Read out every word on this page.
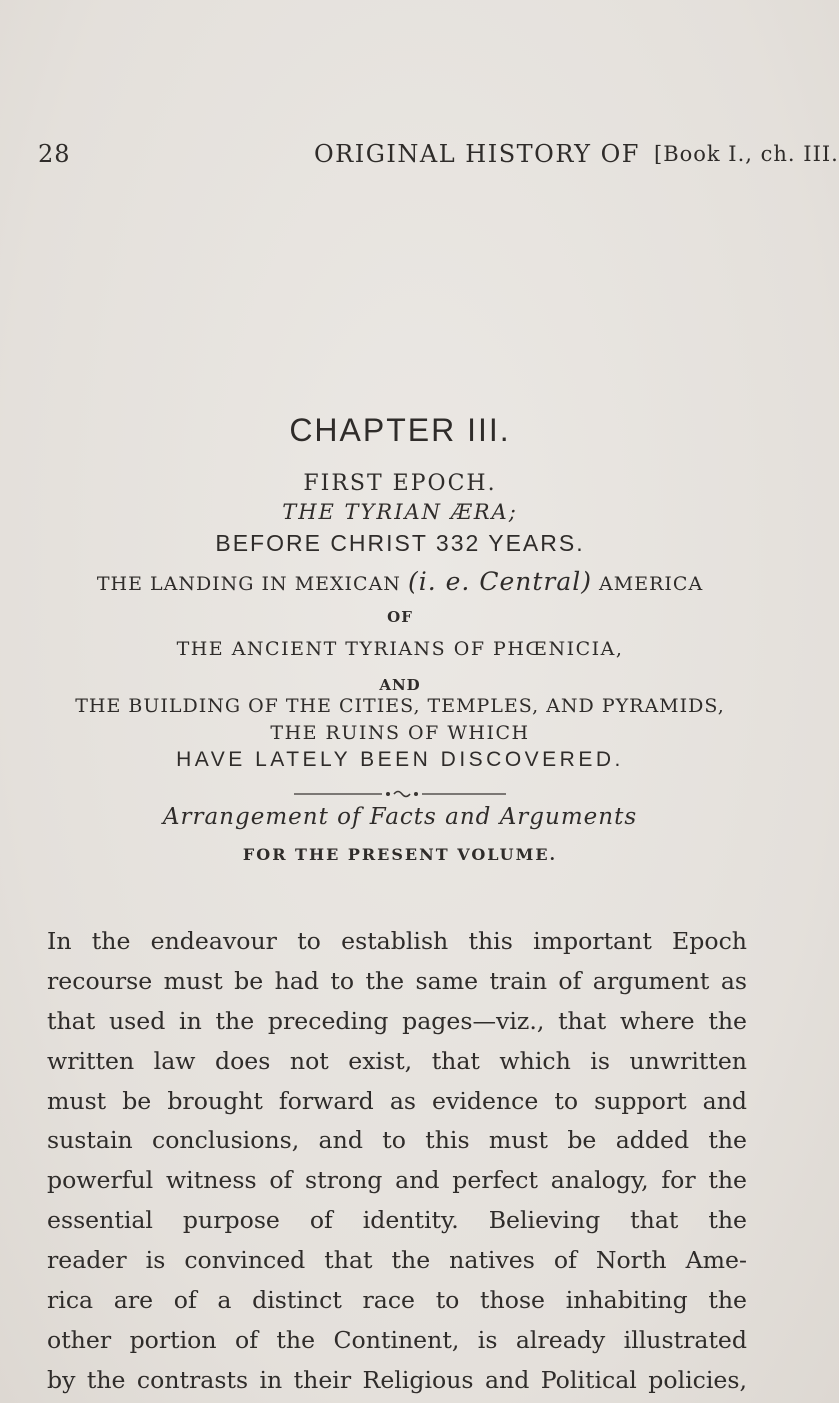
28	ORIGINAL HISTORY OF [Book I., ch. III.
CHAPTER III.
FIRST EPOCH.
THE TYRIAN ÆRA;
BEFORE CHRIST 332 YEARS.
THE LANDING IN MEXICAN (i. e. Central) AMERICA
OF
THE ANCIENT TYRIANS OF PHŒNICIA,
AND
THE BUILDING OF THE CITIES, TEMPLES, AND PYRAMIDS,
THE RUINS OF WHICH
HAVE LATELY BEEN DISCOVERED.
Arrangement of Facts and Arguments
FOR THE PRESENT VOLUME.
In the endeavour to establish this important Epoch
recourse must be had to the same train of argument as
that used in the preceding pages—viz., that where the
written law does not exist, that which is unwritten
must be brought forward as evidence to support and
sustain conclusions, and to this must be added the
powerful witness of strong and perfect analogy, for the
essential purpose of identity. Believing that the
reader is convinced that the natives of North Ame-
rica are of a distinct race to those inhabiting the
other portion of the Continent, is already illustrated
by the contrasts in their Religious and Political policies,
